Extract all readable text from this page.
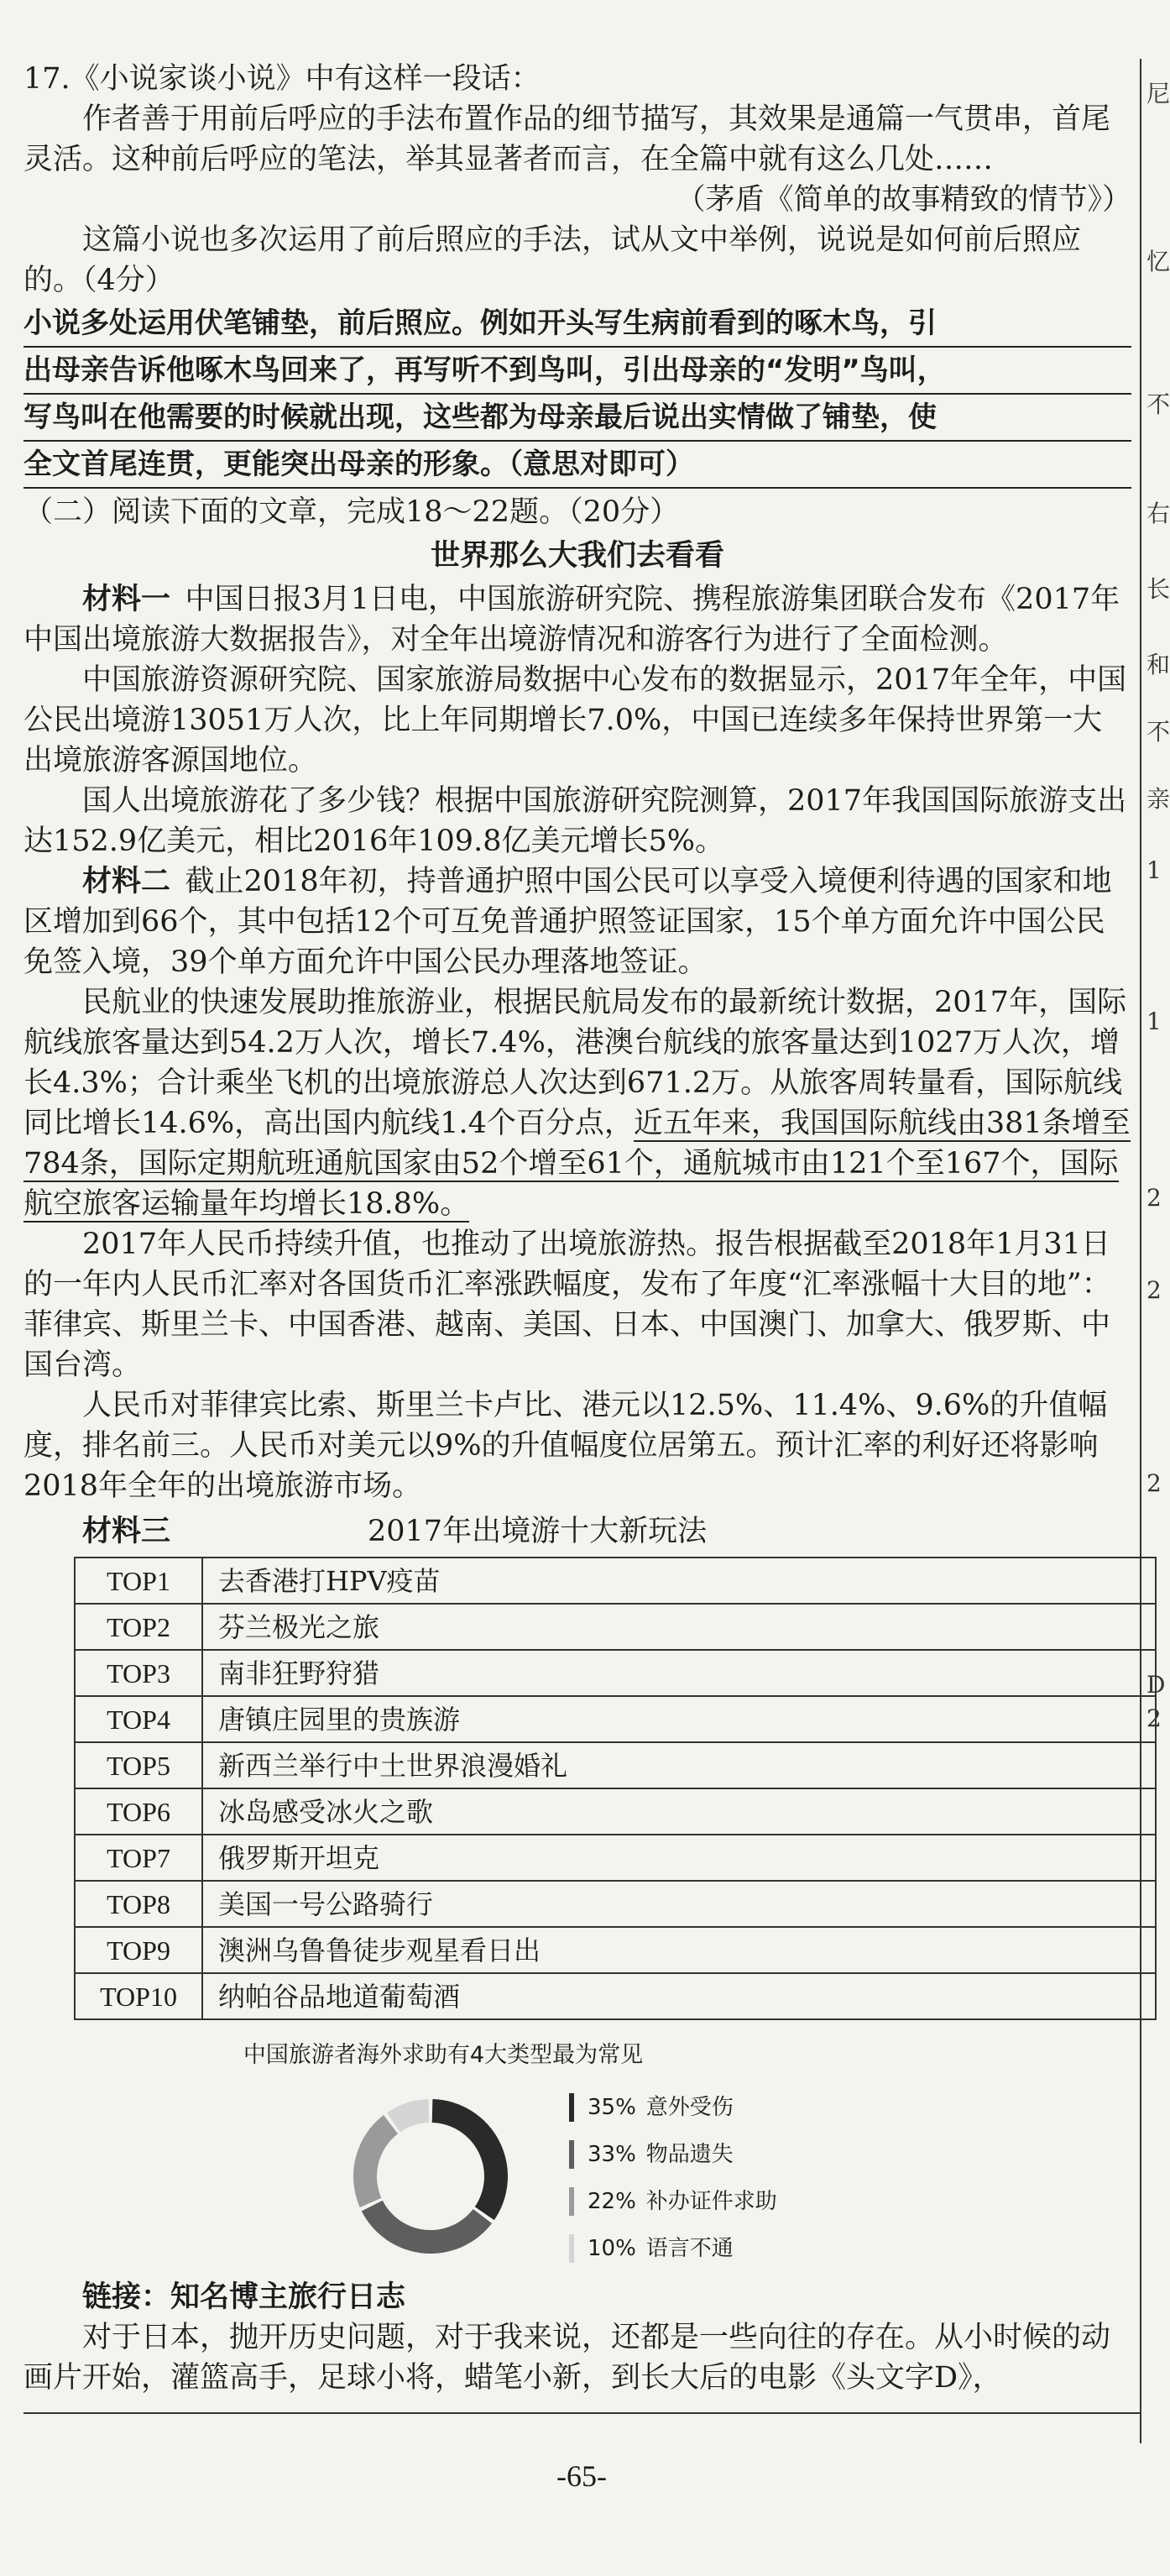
尼
忆
不
右
长
和
不
亲
1
1
2
2
2
D
2

17.《小说家谈小说》中有这样一段话：

作者善于用前后呼应的手法布置作品的细节描写，其效果是通篇一气贯串，首尾灵活。这种前后呼应的笔法，举其显著者而言，在全篇中就有这么几处……

（茅盾《简单的故事精致的情节》）

这篇小说也多次运用了前后照应的手法，试从文中举例，说说是如何前后照应的。（4分）

小说多处运用伏笔铺垫，前后照应。例如开头写生病前看到的啄木鸟，引
出母亲告诉他啄木鸟回来了，再写听不到鸟叫，引出母亲的“发明”鸟叫，
写鸟叫在他需要的时候就出现，这些都为母亲最后说出实情做了铺垫，使
全文首尾连贯，更能突出母亲的形象。（意思对即可）

（二）阅读下面的文章，完成18～22题。（20分）

世界那么大我们去看看

材料一  中国日报3月1日电，中国旅游研究院、携程旅游集团联合发布《2017年中国出境旅游大数据报告》，对全年出境游情况和游客行为进行了全面检测。

中国旅游资源研究院、国家旅游局数据中心发布的数据显示，2017年全年，中国公民出境游13051万人次，比上年同期增长7.0%，中国已连续多年保持世界第一大出境旅游客源国地位。

国人出境旅游花了多少钱？根据中国旅游研究院测算，2017年我国国际旅游支出达152.9亿美元，相比2016年109.8亿美元增长5%。

材料二  截止2018年初，持普通护照中国公民可以享受入境便利待遇的国家和地区增加到66个，其中包括12个可互免普通护照签证国家，15个单方面允许中国公民免签入境，39个单方面允许中国公民办理落地签证。

民航业的快速发展助推旅游业，根据民航局发布的最新统计数据，2017年，国际航线旅客量达到54.2万人次，增长7.4%，港澳台航线的旅客量达到1027万人次，增长4.3%；合计乘坐飞机的出境旅游总人次达到671.2万。从旅客周转量看，国际航线同比增长14.6%，高出国内航线1.4个百分点，近五年来，我国国际航线由381条增至784条，国际定期航班通航国家由52个增至61个，通航城市由121个至167个，国际航空旅客运输量年均增长18.8%。

2017年人民币持续升值，也推动了出境旅游热。报告根据截至2018年1月31日的一年内人民币汇率对各国货币汇率涨跌幅度，发布了年度“汇率涨幅十大目的地”：菲律宾、斯里兰卡、中国香港、越南、美国、日本、中国澳门、加拿大、俄罗斯、中国台湾。

人民币对菲律宾比索、斯里兰卡卢比、港元以12.5%、11.4%、9.6%的升值幅度，排名前三。人民币对美元以9%的升值幅度位居第五。预计汇率的利好还将影响2018年全年的出境旅游市场。

材料三	2017年出境游十大新玩法
TOP1	去香港打HPV疫苗
TOP2	芬兰极光之旅
TOP3	南非狂野狩猎
TOP4	唐镇庄园里的贵族游
TOP5	新西兰举行中土世界浪漫婚礼
TOP6	冰岛感受冰火之歌
TOP7	俄罗斯开坦克
TOP8	美国一号公路骑行
TOP9	澳洲乌鲁鲁徒步观星看日出
TOP10	纳帕谷品地道葡萄酒
中国旅游者海外求助有4大类型最为常见
35% 意外受伤
33% 物品遗失
22% 补办证件求助
10% 语言不通

链接：知名博主旅行日志

对于日本，抛开历史问题，对于我来说，还都是一些向往的存在。从小时候的动画片开始，灌篮高手，足球小将，蜡笔小新，到长大后的电影《头文字D》，

-65-
